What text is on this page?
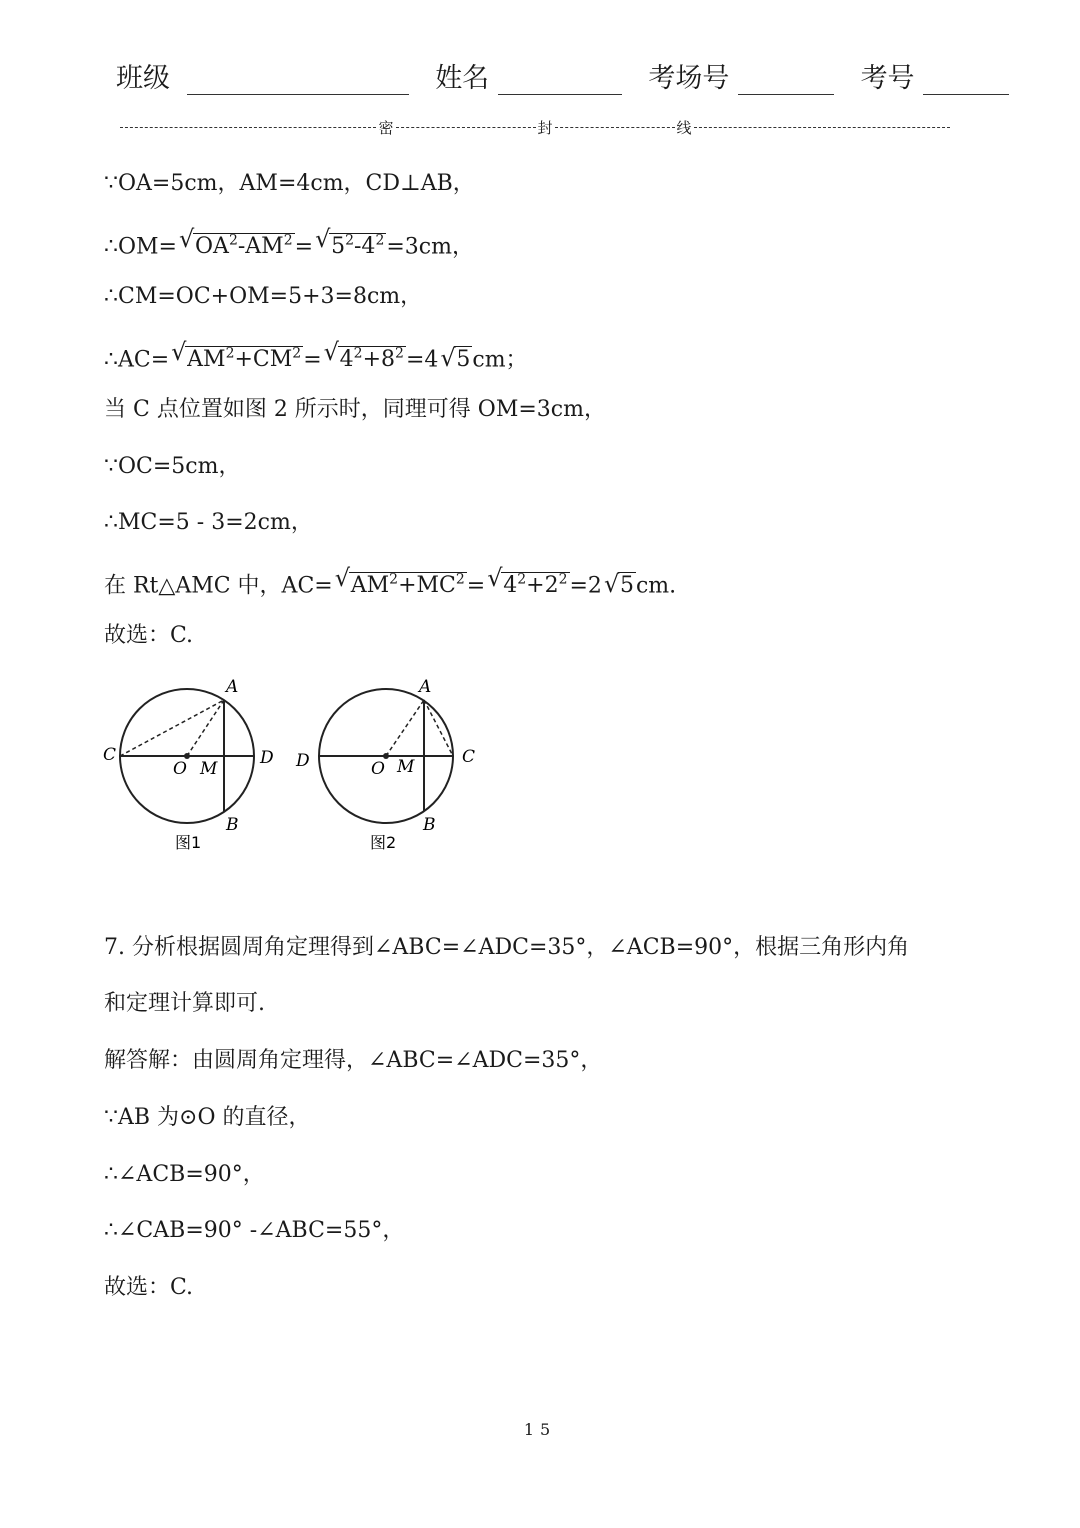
班级	姓名	考场号	考号
密	封	线
∵OA=5cm，AM=4cm，CD⊥AB，
∴OM=√ $OA^2-AM^2=√$ $5^2-4^2=3cm$，
∴CM=OC+OM=5+3=8cm，
∴AC=√ $AM^2+CM^2=√$ $4^2+8^2=4√$ 5cm；
当 C 点位置如图 2 所示时，同理可得 OM=3cm，
∵OC=5cm，
∴MC=5 - 3=2cm，
在 Rt△AMC 中，AC=√ $AM^2+MC^2=√$ $4^2+2^2=2√$ 5cm.
故选：C.
A
C	D
O M
B
图1
A
D	C
O M
B
图2
7. 分析根据圆周角定理得到∠ABC=∠ADC=35°，∠ACB=90°，根据三角形内角
和定理计算即可.
解答解：由圆周角定理得，∠ABC=∠ADC=35°，
∵AB 为⊙O 的直径，
∴∠ACB=90°，
∴∠CAB=90° -∠ABC=55°，
故选：C.
15
